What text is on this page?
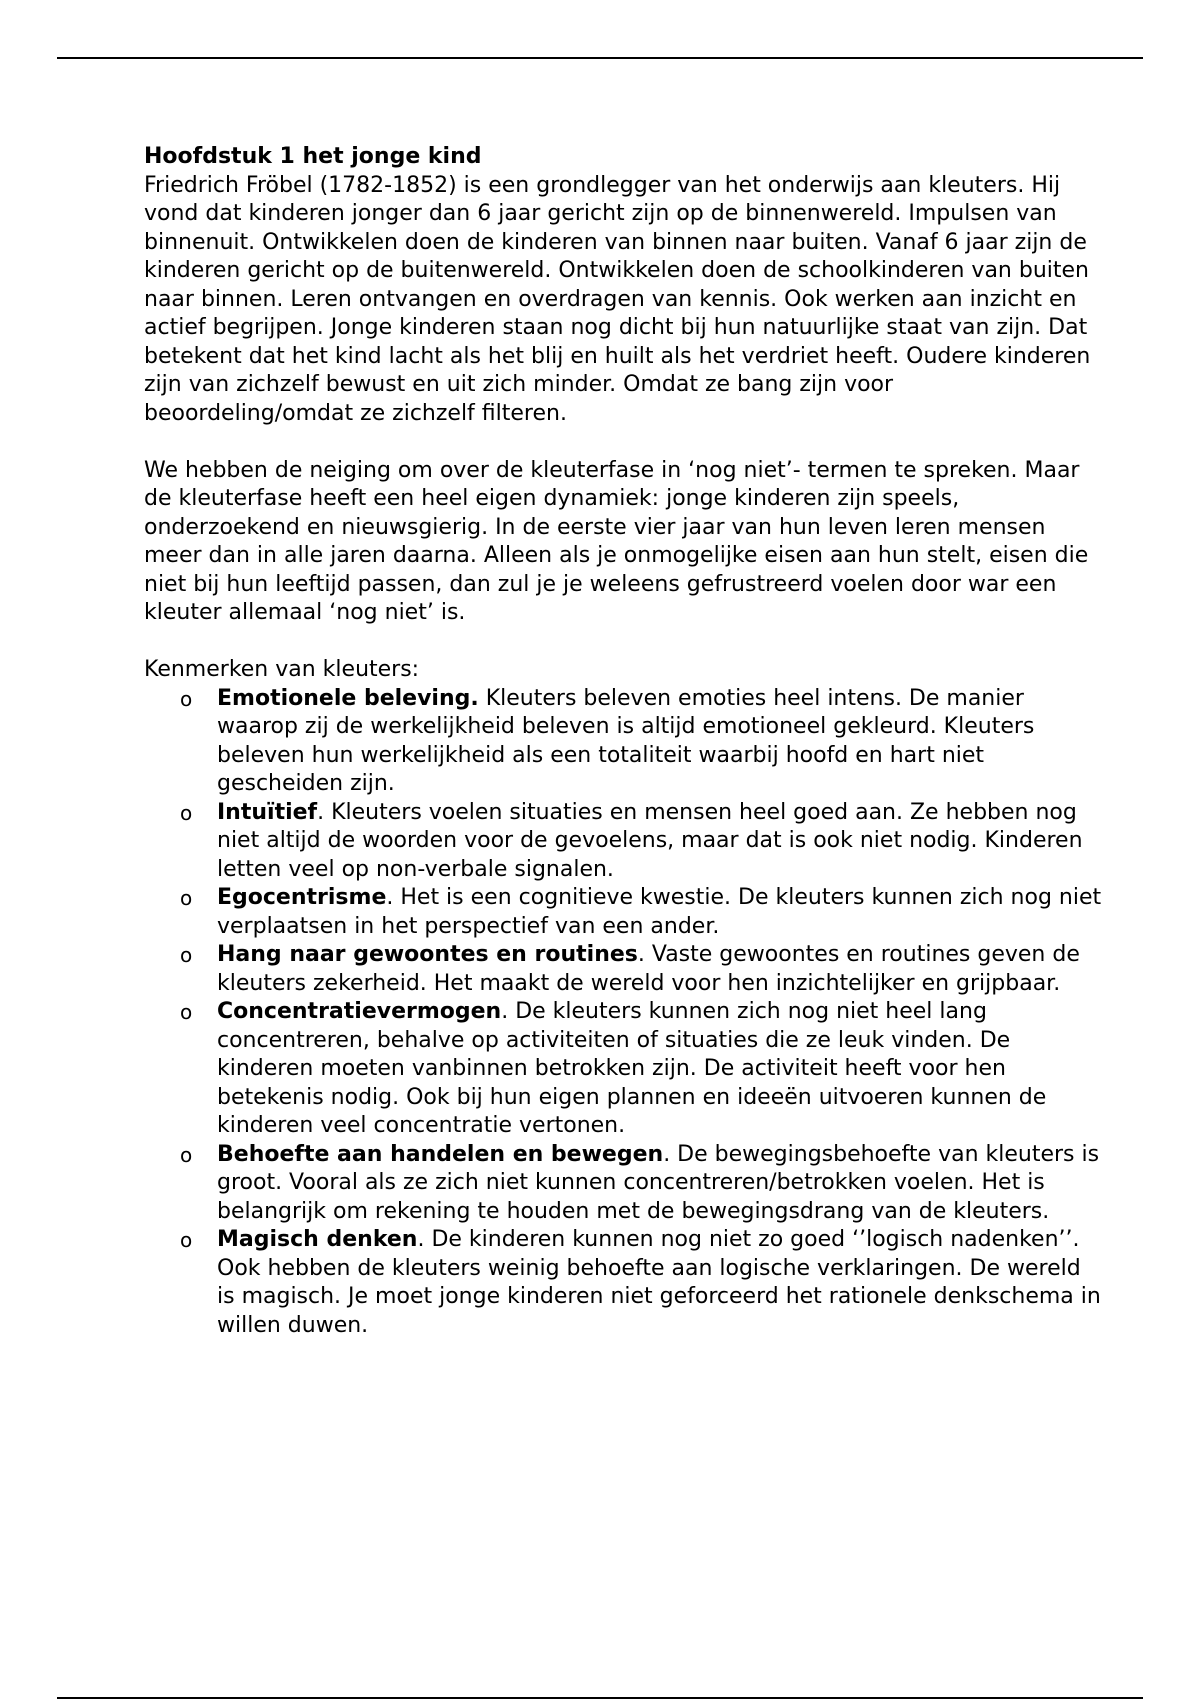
Hoofdstuk 1 het jonge kind

Friedrich Fröbel (1782-1852) is een grondlegger van het onderwijs aan kleuters. Hij vond dat kinderen jonger dan 6 jaar gericht zijn op de binnenwereld. Impulsen van binnenuit. Ontwikkelen doen de kinderen van binnen naar buiten. Vanaf 6 jaar zijn de kinderen gericht op de buitenwereld. Ontwikkelen doen de schoolkinderen van buiten naar binnen. Leren ontvangen en overdragen van kennis. Ook werken aan inzicht en actief begrijpen. Jonge kinderen staan nog dicht bij hun natuurlijke staat van zijn. Dat betekent dat het kind lacht als het blij en huilt als het verdriet heeft. Oudere kinderen zijn van zichzelf bewust en uit zich minder. Omdat ze bang zijn voor beoordeling/omdat ze zichzelf filteren.

We hebben de neiging om over de kleuterfase in ‘nog niet’- termen te spreken. Maar de kleuterfase heeft een heel eigen dynamiek: jonge kinderen zijn speels, onderzoekend en nieuwsgierig. In de eerste vier jaar van hun leven leren mensen meer dan in alle jaren daarna. Alleen als je onmogelijke eisen aan hun stelt, eisen die niet bij hun leeftijd passen, dan zul je je weleens gefrustreerd voelen door war een kleuter allemaal ‘nog niet’ is.

Kenmerken van kleuters:

o Emotionele beleving. Kleuters beleven emoties heel intens. De manier waarop zij de werkelijkheid beleven is altijd emotioneel gekleurd. Kleuters beleven hun werkelijkheid als een totaliteit waarbij hoofd en hart niet gescheiden zijn.
o Intuïtief. Kleuters voelen situaties en mensen heel goed aan. Ze hebben nog niet altijd de woorden voor de gevoelens, maar dat is ook niet nodig. Kinderen letten veel op non-verbale signalen.
o Egocentrisme. Het is een cognitieve kwestie. De kleuters kunnen zich nog niet verplaatsen in het perspectief van een ander.
o Hang naar gewoontes en routines. Vaste gewoontes en routines geven de kleuters zekerheid. Het maakt de wereld voor hen inzichtelijker en grijpbaar.
o Concentratievermogen. De kleuters kunnen zich nog niet heel lang concentreren, behalve op activiteiten of situaties die ze leuk vinden. De kinderen moeten vanbinnen betrokken zijn. De activiteit heeft voor hen betekenis nodig. Ook bij hun eigen plannen en ideeën uitvoeren kunnen de kinderen veel concentratie vertonen.
o Behoefte aan handelen en bewegen. De bewegingsbehoefte van kleuters is groot. Vooral als ze zich niet kunnen concentreren/betrokken voelen. Het is belangrijk om rekening te houden met de bewegingsdrang van de kleuters.
o Magisch denken. De kinderen kunnen nog niet zo goed ‘’logisch nadenken’’. Ook hebben de kleuters weinig behoefte aan logische verklaringen. De wereld is magisch. Je moet jonge kinderen niet geforceerd het rationele denkschema in willen duwen.
